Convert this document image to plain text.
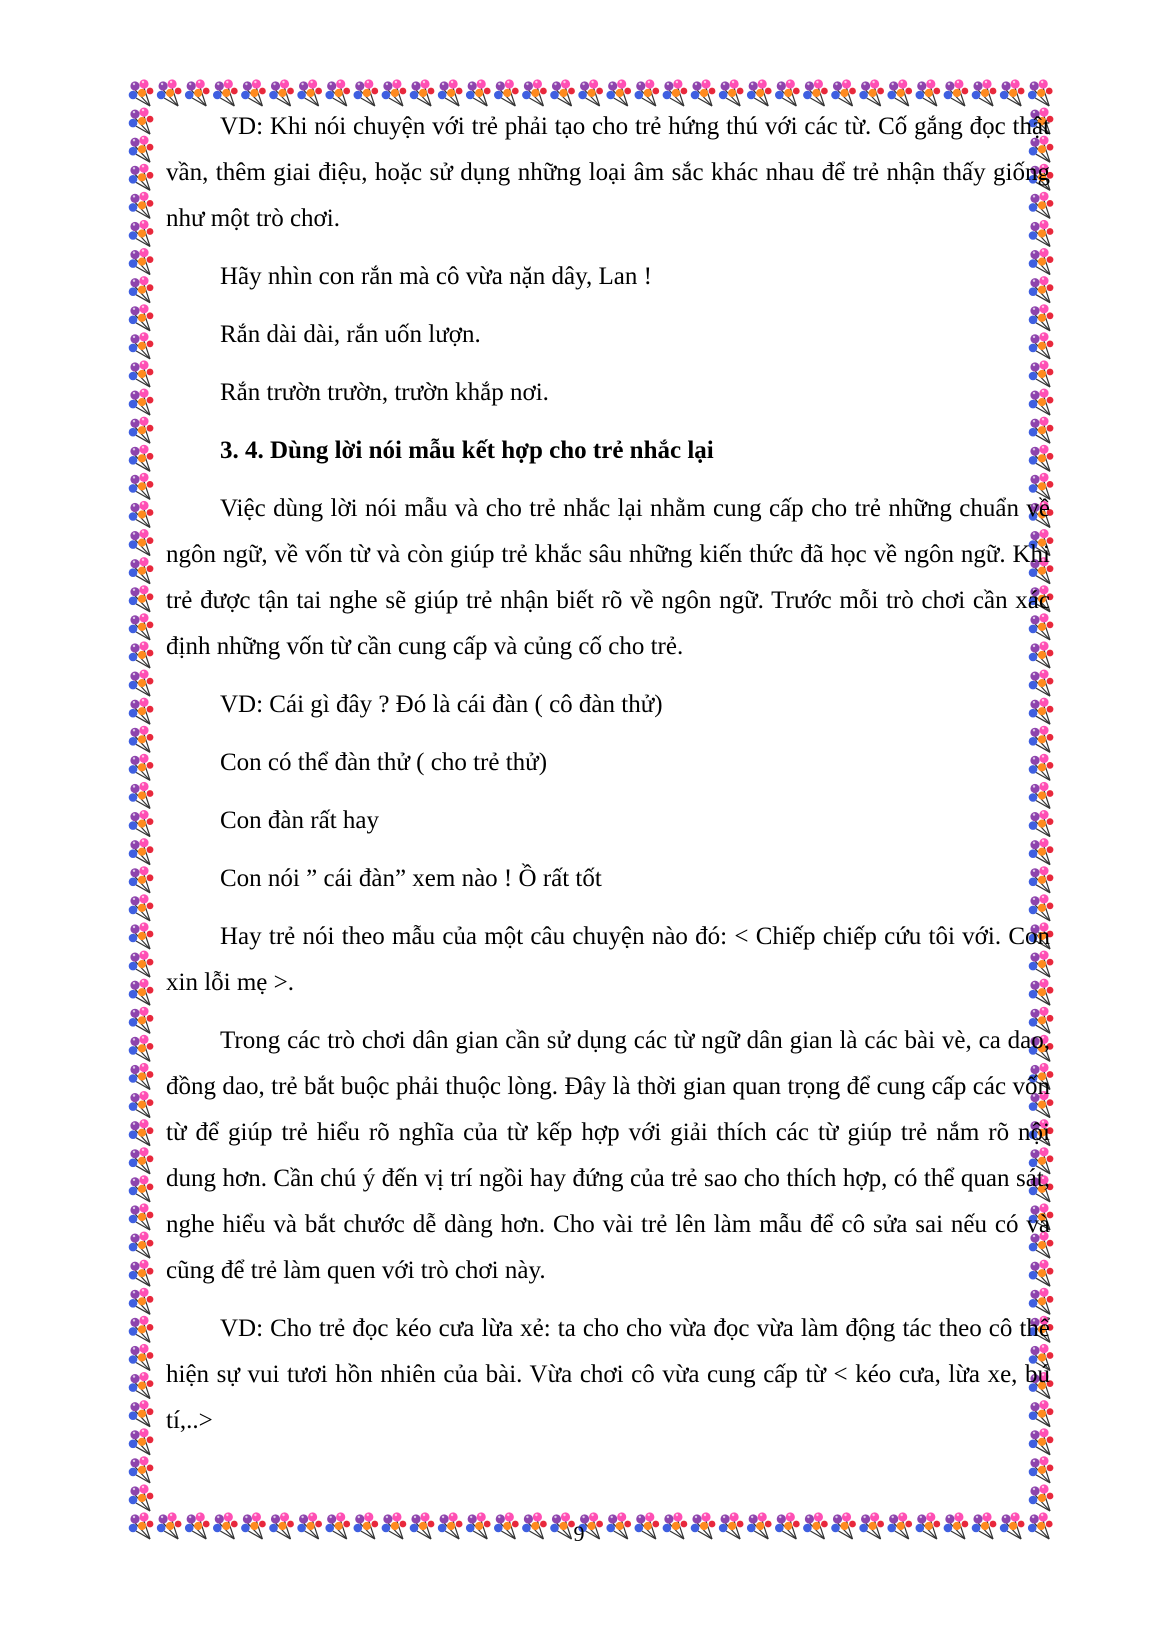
VD: Khi nói chuyện với trẻ phải tạo cho trẻ hứng thú với các từ. Cố gắng đọc thật vần, thêm giai điệu, hoặc sử dụng những loại âm sắc khác nhau để trẻ nhận thấy giống như một trò chơi.

Hãy nhìn con rắn mà cô vừa nặn dây, Lan !

Rắn dài dài, rắn uốn lượn.

Rắn trườn trườn, trườn khắp nơi.

3. 4. Dùng lời nói mẫu kết hợp cho trẻ nhắc lại

Việc dùng lời nói mẫu và cho trẻ nhắc lại nhằm cung cấp cho trẻ những chuẩn về ngôn ngữ, về vốn từ và còn giúp trẻ khắc sâu những kiến thức đã học về ngôn ngữ. Khi trẻ được tận tai nghe sẽ giúp trẻ nhận biết rõ về ngôn ngữ. Trước mỗi trò chơi cần xác định những vốn từ cần cung cấp và củng cố cho trẻ.

VD: Cái gì đây ? Đó là cái đàn ( cô đàn thử)

Con có thể đàn thử ( cho trẻ thử)

Con đàn rất hay

Con nói ” cái đàn” xem nào ! Ồ rất tốt

Hay trẻ nói theo mẫu của một câu chuyện nào đó: < Chiếp chiếp cứu tôi với. Con xin lỗi mẹ >.

Trong các trò chơi dân gian cần sử dụng các từ ngữ dân gian là các bài vè, ca dao, đồng dao, trẻ bắt buộc phải thuộc lòng. Đây là thời gian quan trọng để cung cấp các vốn từ để giúp trẻ hiểu rõ nghĩa của từ kếp hợp với giải thích các từ giúp trẻ nắm rõ nội dung hơn. Cần chú ý đến vị trí ngồi hay đứng của trẻ sao cho thích hợp, có thể quan sát, nghe hiểu và bắt chước dễ dàng hơn. Cho vài trẻ lên làm mẫu để cô sửa sai nếu có và cũng để trẻ làm quen với trò chơi này.

VD: Cho trẻ đọc kéo cưa lừa xẻ: ta cho cho vừa đọc vừa làm động tác theo cô thể hiện sự vui tươi hồn nhiên của bài. Vừa chơi cô vừa cung cấp từ < kéo cưa, lừa xe, bú tí,..>

9
